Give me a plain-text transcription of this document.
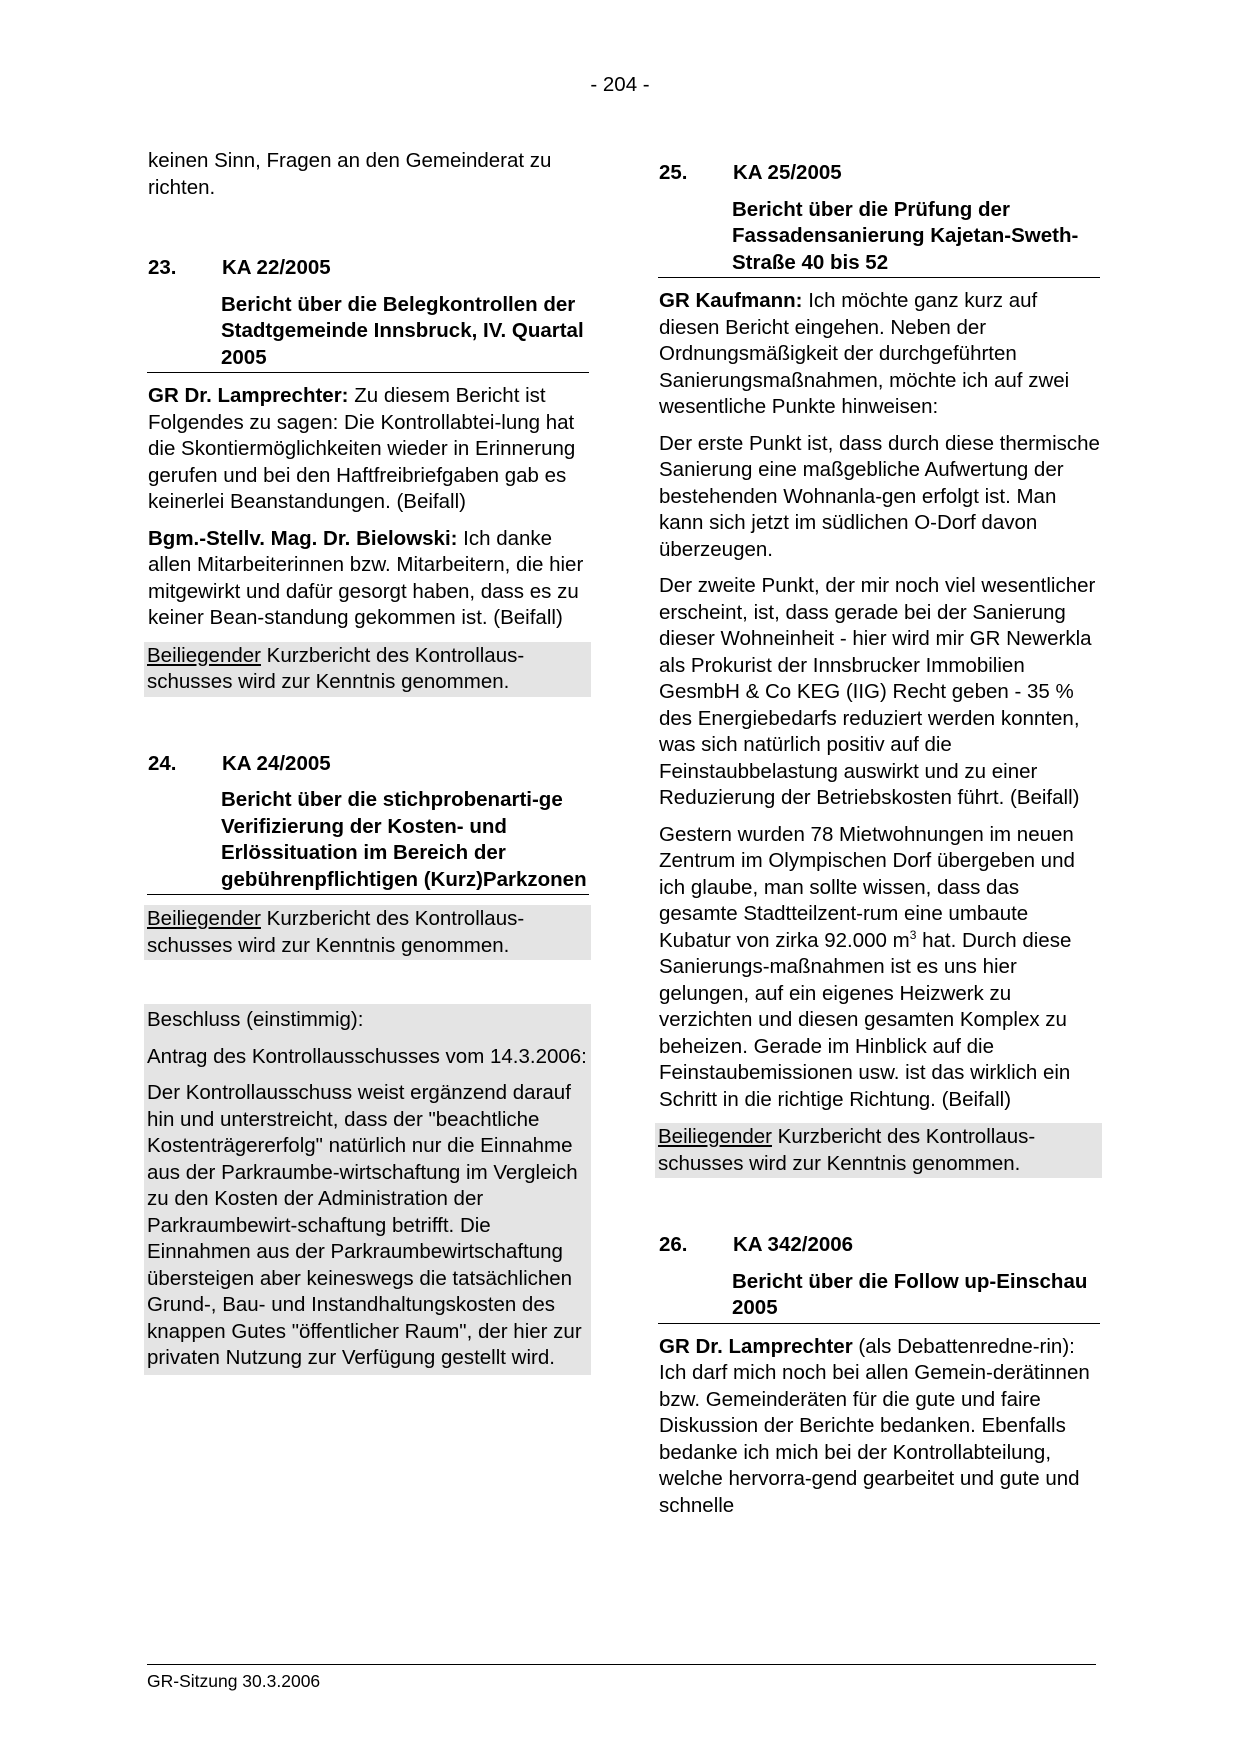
- 204 -

keinen Sinn, Fragen an den Gemeinderat zu richten.

23.	KA 22/2005
Bericht über die Belegkontrollen der Stadtgemeinde Innsbruck, IV. Quartal 2005

GR Dr. Lamprechter: Zu diesem Bericht ist Folgendes zu sagen: Die Kontrollabtei-lung hat die Skontiermöglichkeiten wieder in Erinnerung gerufen und bei den Haftfreibriefgaben gab es keinerlei Beanstandungen. (Beifall)

Bgm.-Stellv. Mag. Dr. Bielowski: Ich danke allen Mitarbeiterinnen bzw. Mitarbeitern, die hier mitgewirkt und dafür gesorgt haben, dass es zu keiner Bean-standung gekommen ist. (Beifall)

Beiliegender Kurzbericht des Kontrollaus-schusses wird zur Kenntnis genommen.

24.	KA 24/2005
Bericht über die stichprobenarti-ge Verifizierung der Kosten- und Erlössituation im Bereich der gebührenpflichtigen (Kurz)Parkzonen

Beiliegender Kurzbericht des Kontrollaus-schusses wird zur Kenntnis genommen.

Beschluss (einstimmig):

Antrag des Kontrollausschusses vom 14.3.2006:

Der Kontrollausschuss weist ergänzend darauf hin und unterstreicht, dass der "beachtliche Kostenträgererfolg" natürlich nur die Einnahme aus der Parkraumbe-wirtschaftung im Vergleich zu den Kosten der Administration der Parkraumbewirt-schaftung betrifft. Die Einnahmen aus der Parkraumbewirtschaftung übersteigen aber keineswegs die tatsächlichen Grund-, Bau- und Instandhaltungskosten des knappen Gutes "öffentlicher Raum", der hier zur privaten Nutzung zur Verfügung gestellt wird.

25.	KA 25/2005
Bericht über die Prüfung der Fassadensanierung Kajetan-Sweth-Straße 40 bis 52

GR Kaufmann: Ich möchte ganz kurz auf diesen Bericht eingehen. Neben der Ordnungsmäßigkeit der durchgeführten Sanierungsmaßnahmen, möchte ich auf zwei wesentliche Punkte hinweisen:

Der erste Punkt ist, dass durch diese thermische Sanierung eine maßgebliche Aufwertung der bestehenden Wohnanla-gen erfolgt ist. Man kann sich jetzt im südlichen O-Dorf davon überzeugen.

Der zweite Punkt, der mir noch viel wesentlicher erscheint, ist, dass gerade bei der Sanierung dieser Wohneinheit - hier wird mir GR Newerkla als Prokurist der Innsbrucker Immobilien GesmbH & Co KEG (IIG) Recht geben - 35 % des Energiebedarfs reduziert werden konnten, was sich natürlich positiv auf die Feinstaubbelastung auswirkt und zu einer Reduzierung der Betriebskosten führt. (Beifall)

Gestern wurden 78 Mietwohnungen im neuen Zentrum im Olympischen Dorf übergeben und ich glaube, man sollte wissen, dass das gesamte Stadtteilzent-rum eine umbaute Kubatur von zirka 92.000 $m^3$ hat. Durch diese Sanierungs-maßnahmen ist es uns hier gelungen, auf ein eigenes Heizwerk zu verzichten und diesen gesamten Komplex zu beheizen. Gerade im Hinblick auf die Feinstaubemissionen usw. ist das wirklich ein Schritt in die richtige Richtung. (Beifall)

Beiliegender Kurzbericht des Kontrollaus-schusses wird zur Kenntnis genommen.

26.	KA 342/2006
Bericht über die Follow up-Einschau 2005

GR Dr. Lamprechter (als Debattenredne-rin): Ich darf mich noch bei allen Gemein-derätinnen bzw. Gemeinderäten für die gute und faire Diskussion der Berichte bedanken. Ebenfalls bedanke ich mich bei der Kontrollabteilung, welche hervorra-gend gearbeitet und gute und schnelle

GR-Sitzung 30.3.2006
